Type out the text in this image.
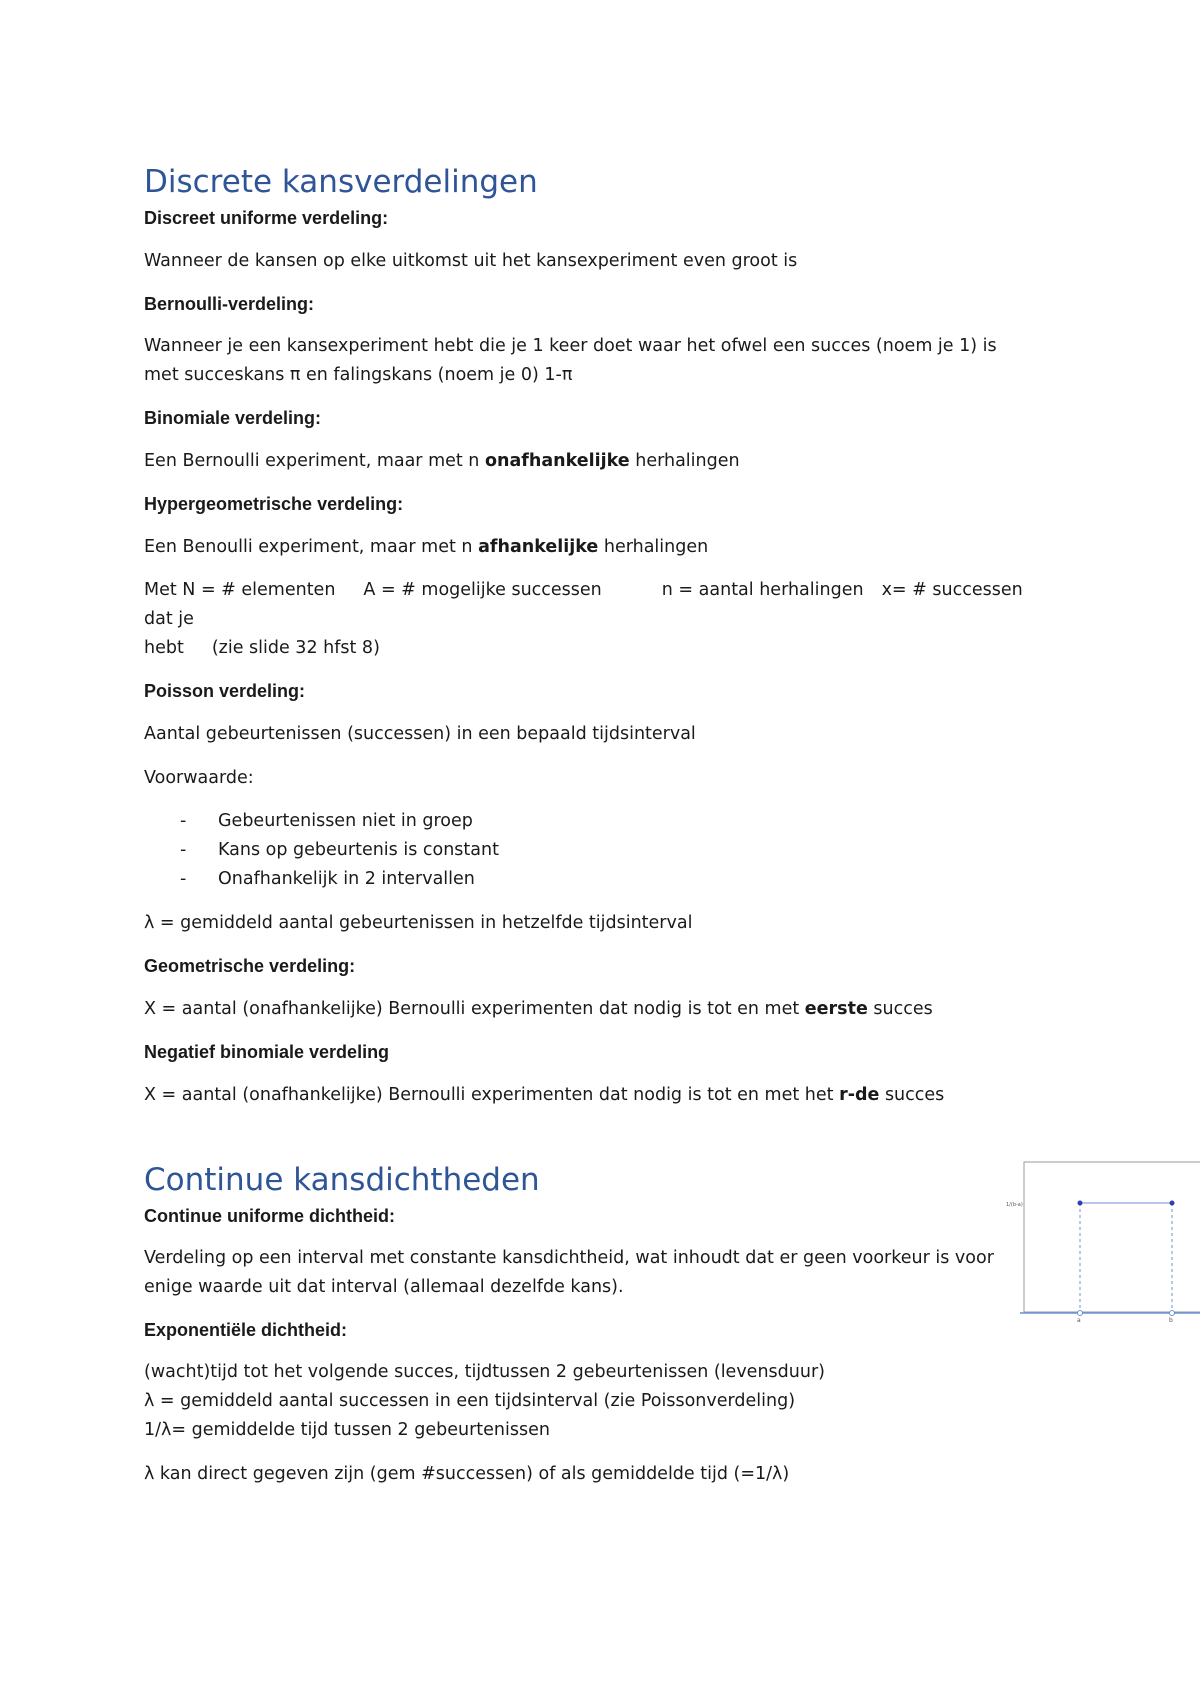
Discrete kansverdelingen
Discreet uniforme verdeling:

Wanneer de kansen op elke uitkomst uit het kansexperiment even groot is

Bernoulli-verdeling:

Wanneer je een kansexperiment hebt die je 1 keer doet waar het ofwel een succes (noem je 1) is

met succeskans π en falingskans (noem je 0) 1-π

Binomiale verdeling:

Een Bernoulli experiment, maar met n onafhankelijke herhalingen

Hypergeometrische verdeling:

Een Benoulli experiment, maar met n afhankelijke herhalingen

Met N = # elementen A = # mogelijke successen	n = aantal herhalingen x= # successen dat je

hebt (zie slide 32 hfst 8)

Poisson verdeling:

Aantal gebeurtenissen (successen) in een bepaald tijdsinterval

Voorwaarde:

- Gebeurtenissen niet in groep
- Kans op gebeurtenis is constant
- Onafhankelijk in 2 intervallen

λ = gemiddeld aantal gebeurtenissen in hetzelfde tijdsinterval

Geometrische verdeling:

X = aantal (onafhankelijke) Bernoulli experimenten dat nodig is tot en met eerste succes

Negatief binomiale verdeling

X = aantal (onafhankelijke) Bernoulli experimenten dat nodig is tot en met het r-de succes

Continue kansdichtheden
Continue uniforme dichtheid:

Verdeling op een interval met constante kansdichtheid, wat inhoudt dat er geen voorkeur is voor

enige waarde uit dat interval (allemaal dezelfde kans).

Exponentiële dichtheid:

(wacht)tijd tot het volgende succes, tijdtussen 2 gebeurtenissen (levensduur)

λ = gemiddeld aantal successen in een tijdsinterval (zie Poissonverdeling)

1/λ= gemiddelde tijd tussen 2 gebeurtenissen

λ kan direct gegeven zijn (gem #successen) of als gemiddelde tijd (=1/λ)

1/(b-a)
a	b
